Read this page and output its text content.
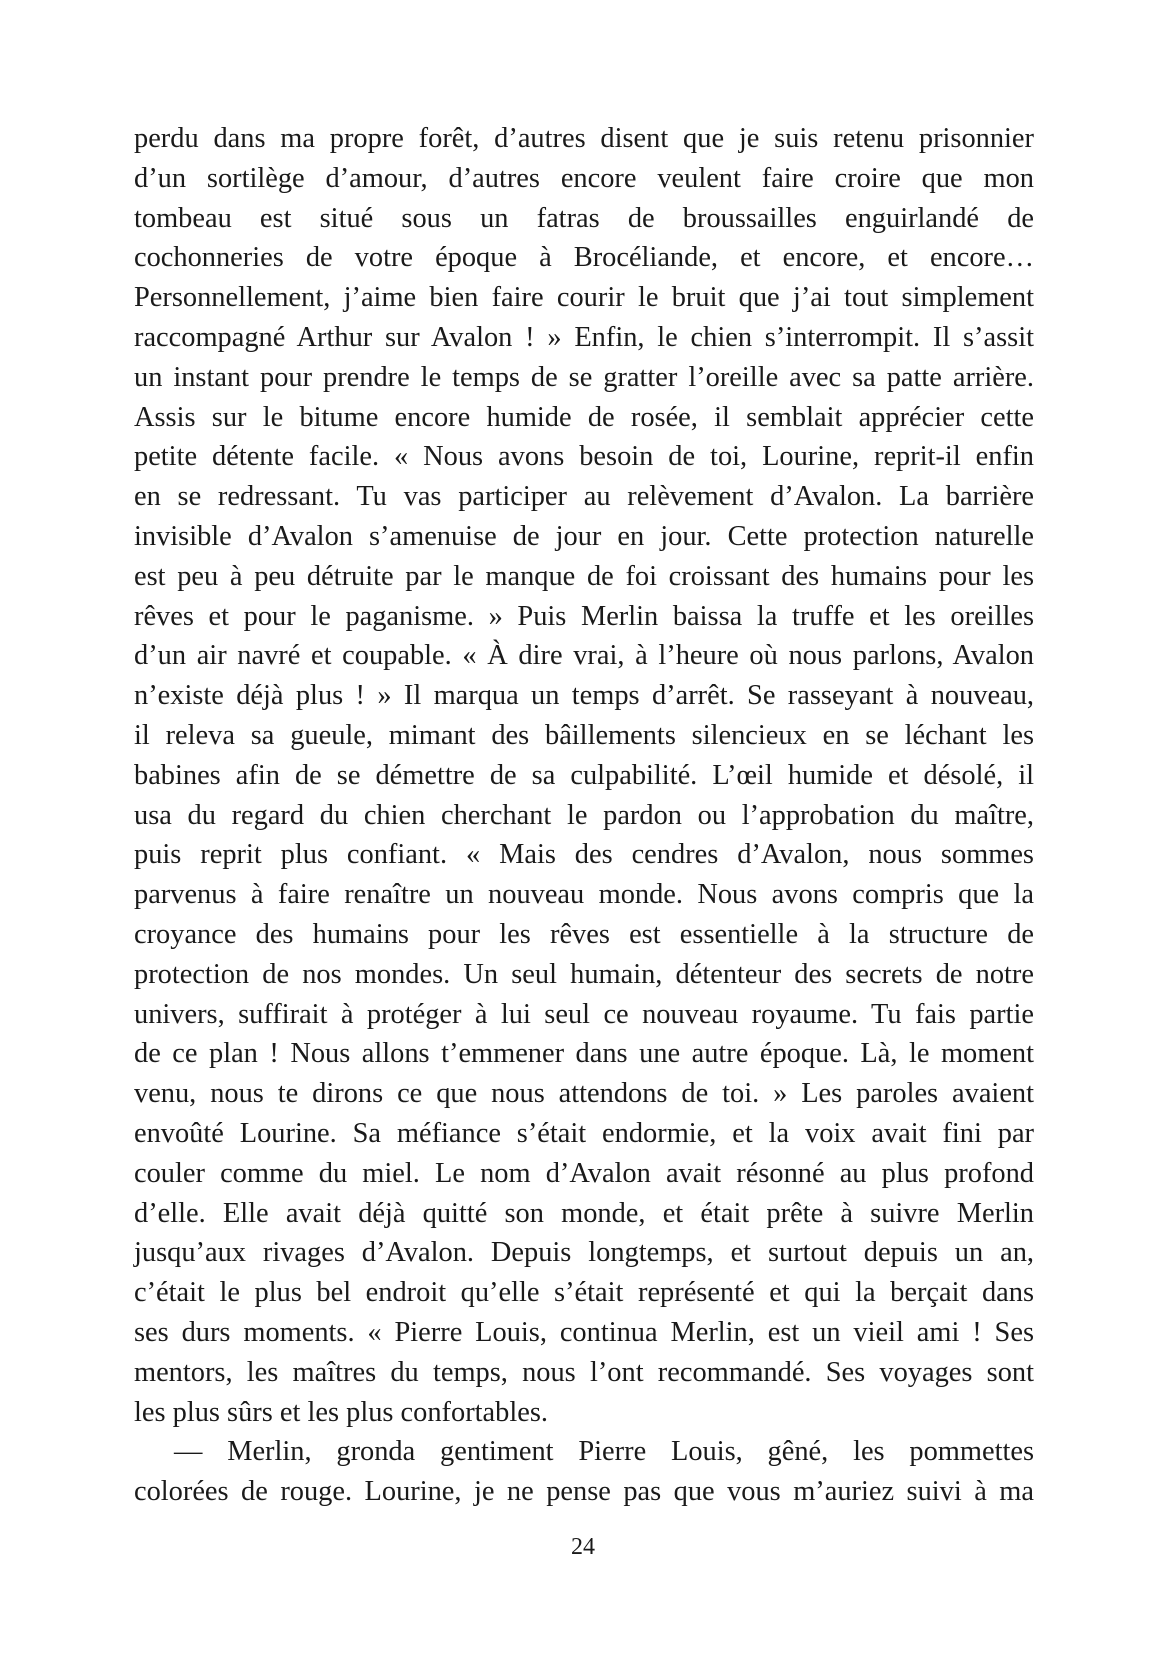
perdu dans ma propre forêt, d’autres disent que je suis retenu prisonnier
d’un sortilège d’amour, d’autres encore veulent faire croire que mon
tombeau est situé sous un fatras de broussailles enguirlandé de
cochonneries de votre époque à Brocéliande, et encore, et encore…
Personnellement, j’aime bien faire courir le bruit que j’ai tout simplement
raccompagné Arthur sur Avalon ! » Enfin, le chien s’interrompit. Il s’assit
un instant pour prendre le temps de se gratter l’oreille avec sa patte arrière.
Assis sur le bitume encore humide de rosée, il semblait apprécier cette
petite détente facile. « Nous avons besoin de toi, Lourine, reprit-il enfin
en se redressant. Tu vas participer au relèvement d’Avalon. La barrière
invisible d’Avalon s’amenuise de jour en jour. Cette protection naturelle
est peu à peu détruite par le manque de foi croissant des humains pour les
rêves et pour le paganisme. » Puis Merlin baissa la truffe et les oreilles
d’un air navré et coupable. « À dire vrai, à l’heure où nous parlons, Avalon
n’existe déjà plus ! » Il marqua un temps d’arrêt. Se rasseyant à nouveau,
il releva sa gueule, mimant des bâillements silencieux en se léchant les
babines afin de se démettre de sa culpabilité. L’œil humide et désolé, il
usa du regard du chien cherchant le pardon ou l’approbation du maître,
puis reprit plus confiant. « Mais des cendres d’Avalon, nous sommes
parvenus à faire renaître un nouveau monde. Nous avons compris que la
croyance des humains pour les rêves est essentielle à la structure de
protection de nos mondes. Un seul humain, détenteur des secrets de notre
univers, suffirait à protéger à lui seul ce nouveau royaume. Tu fais partie
de ce plan ! Nous allons t’emmener dans une autre époque. Là, le moment
venu, nous te dirons ce que nous attendons de toi. » Les paroles avaient
envoûté Lourine. Sa méfiance s’était endormie, et la voix avait fini par
couler comme du miel. Le nom d’Avalon avait résonné au plus profond
d’elle. Elle avait déjà quitté son monde, et était prête à suivre Merlin
jusqu’aux rivages d’Avalon. Depuis longtemps, et surtout depuis un an,
c’était le plus bel endroit qu’elle s’était représenté et qui la berçait dans
ses durs moments. « Pierre Louis, continua Merlin, est un vieil ami ! Ses
mentors, les maîtres du temps, nous l’ont recommandé. Ses voyages sont
les plus sûrs et les plus confortables.
— Merlin, gronda gentiment Pierre Louis, gêné, les pommettes
colorées de rouge. Lourine, je ne pense pas que vous m’auriez suivi à ma
24
